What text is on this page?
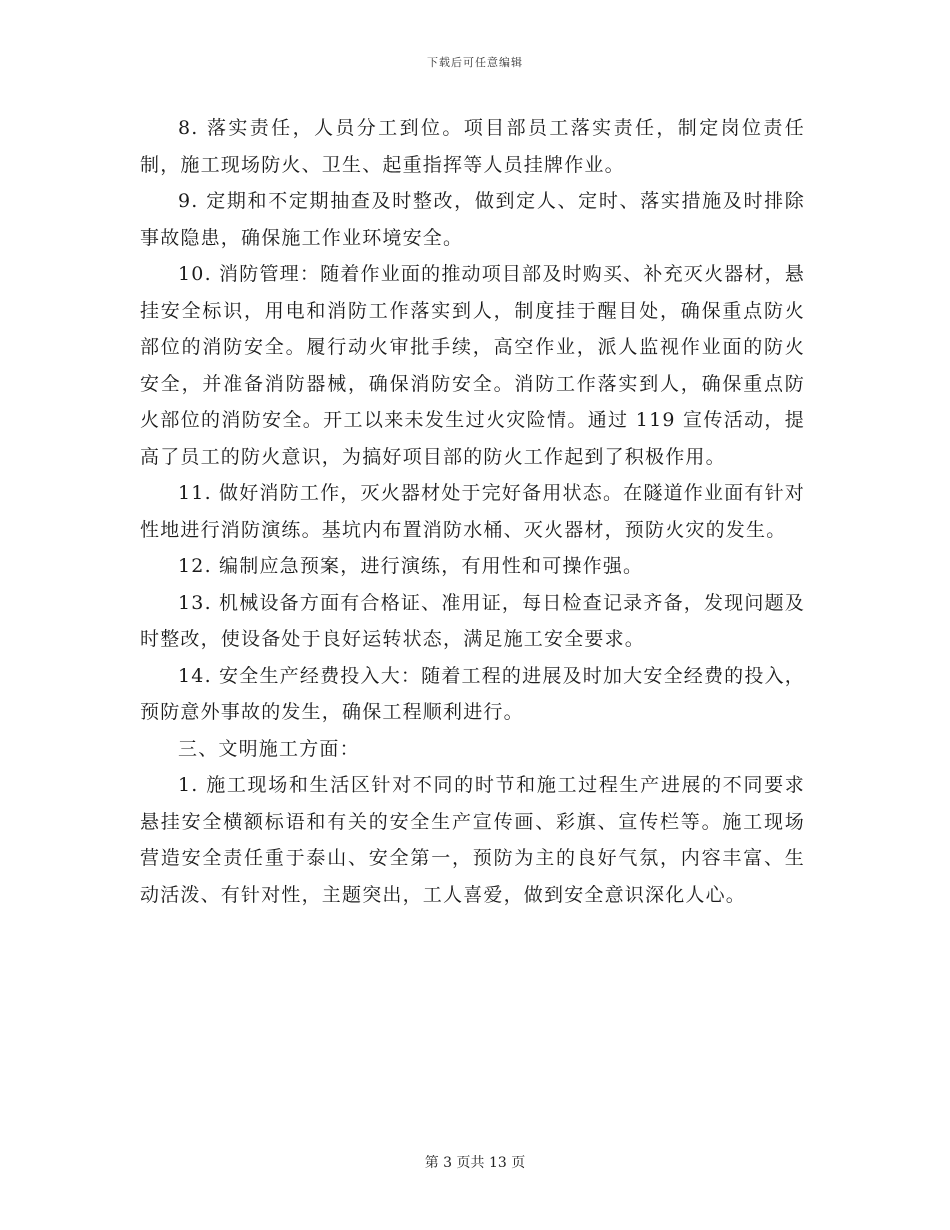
下载后可任意编辑

8. 落实责任，人员分工到位。项目部员工落实责任，制定岗位责任制，施工现场防火、卫生、起重指挥等人员挂牌作业。

9. 定期和不定期抽查及时整改，做到定人、定时、落实措施及时排除事故隐患，确保施工作业环境安全。

10. 消防管理：随着作业面的推动项目部及时购买、补充灭火器材，悬挂安全标识，用电和消防工作落实到人，制度挂于醒目处，确保重点防火部位的消防安全。履行动火审批手续，高空作业，派人监视作业面的防火安全，并准备消防器械，确保消防安全。消防工作落实到人，确保重点防火部位的消防安全。开工以来未发生过火灾险情。通过 119 宣传活动，提高了员工的防火意识，为搞好项目部的防火工作起到了积极作用。

11. 做好消防工作，灭火器材处于完好备用状态。在隧道作业面有针对性地进行消防演练。基坑内布置消防水桶、灭火器材，预防火灾的发生。

12. 编制应急预案，进行演练，有用性和可操作强。

13. 机械设备方面有合格证、准用证，每日检查记录齐备，发现问题及时整改，使设备处于良好运转状态，满足施工安全要求。

14. 安全生产经费投入大：随着工程的进展及时加大安全经费的投入，预防意外事故的发生，确保工程顺利进行。

三、文明施工方面：

1. 施工现场和生活区针对不同的时节和施工过程生产进展的不同要求悬挂安全横额标语和有关的安全生产宣传画、彩旗、宣传栏等。施工现场营造安全责任重于泰山、安全第一，预防为主的良好气氛，内容丰富、生动活泼、有针对性，主题突出，工人喜爱，做到安全意识深化人心。

第 3 页共 13 页
